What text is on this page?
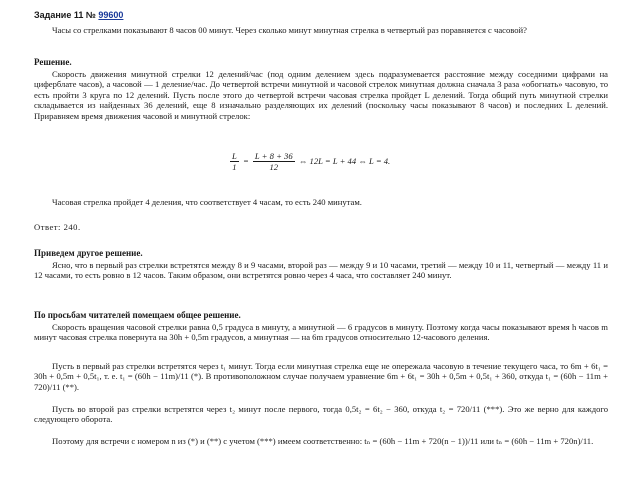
Задание 11 № 99600

Часы со стрелками показывают 8 часов 00 минут. Через сколько минут минутная стрелка в четвертый раз поравняется с часовой?

Решение.

Скорость движения минутной стрелки 12 делений/час (под одним делением здесь подразумевается расстояние между соседними цифрами на циферблате часов), а часовой — 1 деление/час. До четвертой встречи минутной и часовой стрелок минутная должна сначала 3 раза «обогнать» часовую, то есть пройти 3 круга по 12 делений. Пусть после этого до четвертой встречи часовая стрелка пройдет L делений. Тогда общий путь минутной стрелки складывается из найденных 36 делений, еще 8 изначально разделяющих их делений (поскольку часы показывают 8 часов) и последних L делений. Приравняем время движения часовой и минутной стрелок:

$\frac{L}{1} = \frac{L + 8 + 36}{12}$ ⇔ 12L = L + 44 ⇔ L = 4.

Часовая стрелка пройдет 4 деления, что соответствует 4 часам, то есть 240 минутам.

Ответ: 240.

Приведем другое решение.

Ясно, что в первый раз стрелки встретятся между 8 и 9 часами, второй раз — между 9 и 10 часами, третий — между 10 и 11, четвертый — между 11 и 12 часами, то есть ровно в 12 часов. Таким образом, они встретятся ровно через 4 часа, что составляет 240 минут.

По просьбам читателей помещаем общее решение.

Скорость вращения часовой стрелки равна 0,5 градуса в минуту, а минутной — 6 градусов в минуту. Поэтому когда часы показывают время h часов m минут часовая стрелка повернута на 30h + 0,5m градусов, а минутная — на 6m градусов относительно 12-часового деления.

Пусть в первый раз стрелки встретятся через t₁ минут. Тогда если минутная стрелка еще не опережала часовую в течение текущего часа, то 6m + 6t₁ = 30h + 0,5m + 0,5t₁, т. е. t₁ = (60h − 11m)/11 (*). В противоположном случае получаем уравнение 6m + 6t₁ = 30h + 0,5m + 0,5t₁ + 360, откуда t₁ = (60h − 11m + 720)/11 (**).

Пусть во второй раз стрелки встретятся через t₂ минут после первого, тогда 0,5t₂ = 6t₂ − 360, откуда t₂ = 720/11 (***). Это же верно для каждого следующего оборота.

Поэтому для встречи с номером n из (*) и (**) с учетом (***) имеем соответственно: tₙ = (60h − 11m + 720(n − 1))/11 или tₙ = (60h − 11m + 720n)/11.
